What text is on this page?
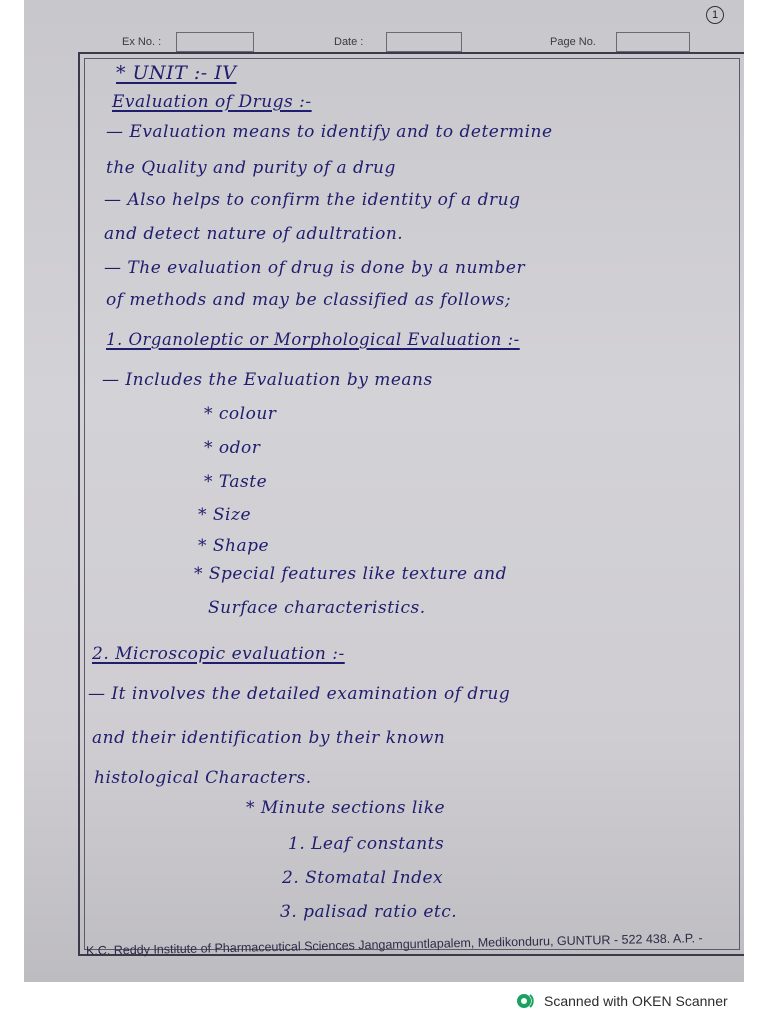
Ex No. :	Date :	Page No.
1
* UNIT :- IV
Evaluation of Drugs :-
— Evaluation means to identify and to determine
the Quality and purity of a drug
— Also helps to confirm the identity of a drug
and detect nature of adultration.
— The evaluation of drug is done by a number
of methods and may be classified as follows;
1. Organoleptic or Morphological Evaluation :-
— Includes the Evaluation by means
* colour
* odor
* Taste
* Size
* Shape
* Special features like texture and
Surface characteristics.
2. Microscopic evaluation :-
— It involves the detailed examination of drug
and their identification by their known
histological Characters.
* Minute sections like
1. Leaf constants
2. Stomatal Index
3. palisad ratio etc.
K.C. Reddy Institute of Pharmaceutical Sciences Jangamguntlapalem, Medikonduru, GUNTUR - 522 438. A.P. -
Scanned with OKEN Scanner
